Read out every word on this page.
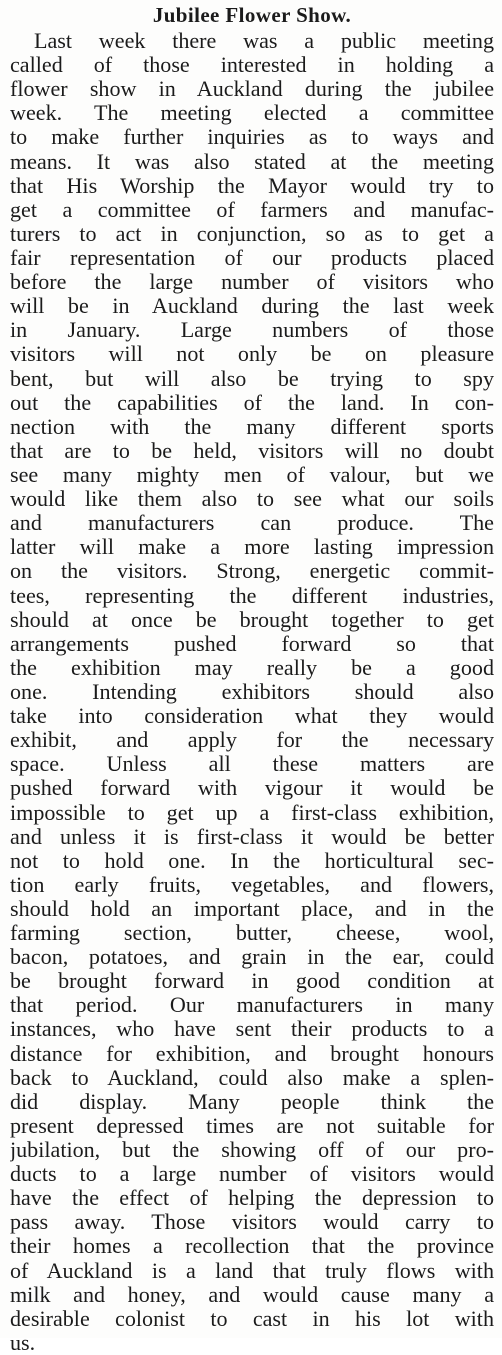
Jubilee Flower Show.
Last week there was a public meeting
called of those interested in holding a
flower show in Auckland during the jubilee
week. The meeting elected a committee
to make further inquiries as to ways and
means. It was also stated at the meeting
that His Worship the Mayor would try to
get a committee of farmers and manufac-
turers to act in conjunction, so as to get a
fair representation of our products placed
before the large number of visitors who
will be in Auckland during the last week
in January. Large numbers of those
visitors will not only be on pleasure
bent, but will also be trying to spy
out the capabilities of the land. In con-
nection with the many different sports
that are to be held, visitors will no doubt
see many mighty men of valour, but we
would like them also to see what our soils
and manufacturers can produce. The
latter will make a more lasting impression
on the visitors. Strong, energetic commit-
tees, representing the different industries,
should at once be brought together to get
arrangements pushed forward so that
the exhibition may really be a good
one. Intending exhibitors should also
take into consideration what they would
exhibit, and apply for the necessary
space. Unless all these matters are
pushed forward with vigour it would be
impossible to get up a first-class exhibition,
and unless it is first-class it would be better
not to hold one. In the horticultural sec-
tion early fruits, vegetables, and flowers,
should hold an important place, and in the
farming section, butter, cheese, wool,
bacon, potatoes, and grain in the ear, could
be brought forward in good condition at
that period. Our manufacturers in many
instances, who have sent their products to a
distance for exhibition, and brought honours
back to Auckland, could also make a splen-
did display. Many people think the
present depressed times are not suitable for
jubilation, but the showing off of our pro-
ducts to a large number of visitors would
have the effect of helping the depression to
pass away. Those visitors would carry to
their homes a recollection that the province
of Auckland is a land that truly flows with
milk and honey, and would cause many a
desirable colonist to cast in his lot with
us.
